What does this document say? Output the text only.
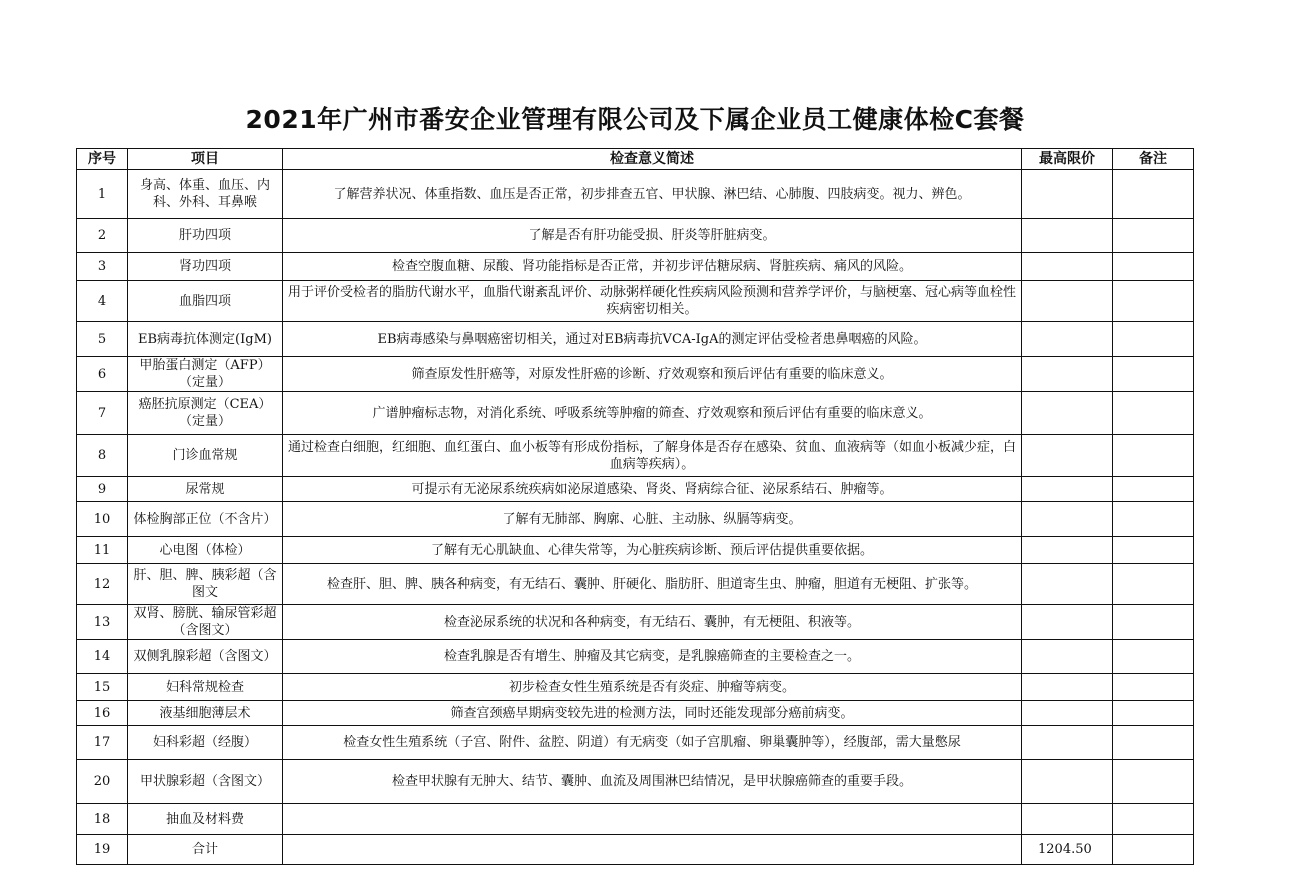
2021年广州市番安企业管理有限公司及下属企业员工健康体检C套餐
序号	项目	检查意义简述	最高限价	备注
1	身高、体重、血压、内科、外科、耳鼻喉	了解营养状况、体重指数、血压是否正常，初步排查五官、甲状腺、淋巴结、心肺腹、四肢病变。视力、辨色。		
2	肝功四项	了解是否有肝功能受损、肝炎等肝脏病变。		
3	肾功四项	检查空腹血糖、尿酸、肾功能指标是否正常，并初步评估糖尿病、肾脏疾病、痛风的风险。		
4	血脂四项	用于评价受检者的脂肪代谢水平，血脂代谢紊乱评价、动脉粥样硬化性疾病风险预测和营养学评价，与脑梗塞、冠心病等血栓性疾病密切相关。		
5	EB病毒抗体测定(IgM)	EB病毒感染与鼻咽癌密切相关，通过对EB病毒抗VCA-IgA的测定评估受检者患鼻咽癌的风险。		
6	甲胎蛋白测定（AFP）（定量）	筛查原发性肝癌等，对原发性肝癌的诊断、疗效观察和预后评估有重要的临床意义。		
7	癌胚抗原测定（CEA）（定量）	广谱肿瘤标志物，对消化系统、呼吸系统等肿瘤的筛查、疗效观察和预后评估有重要的临床意义。		
8	门诊血常规	通过检查白细胞，红细胞、血红蛋白、血小板等有形成份指标，了解身体是否存在感染、贫血、血液病等（如血小板减少症，白血病等疾病）。		
9	尿常规	可提示有无泌尿系统疾病如泌尿道感染、肾炎、肾病综合征、泌尿系结石、肿瘤等。		
10	体检胸部正位（不含片）	了解有无肺部、胸廓、心脏、主动脉、纵膈等病变。		
11	心电图（体检）	了解有无心肌缺血、心律失常等，为心脏疾病诊断、预后评估提供重要依据。		
12	肝、胆、脾、胰彩超（含图文	检查肝、胆、脾、胰各种病变，有无结石、囊肿、肝硬化、脂肪肝、胆道寄生虫、肿瘤，胆道有无梗阻、扩张等。		
13	双肾、膀胱、输尿管彩超（含图文）	检查泌尿系统的状况和各种病变，有无结石、囊肿，有无梗阻、积液等。		
14	双侧乳腺彩超（含图文）	检查乳腺是否有增生、肿瘤及其它病变，是乳腺癌筛查的主要检查之一。		
15	妇科常规检查	初步检查女性生殖系统是否有炎症、肿瘤等病变。		
16	液基细胞薄层术	筛查宫颈癌早期病变较先进的检测方法，同时还能发现部分癌前病变。		
17	妇科彩超（经腹）	检查女性生殖系统（子宫、附件、盆腔、阴道）有无病变（如子宫肌瘤、卵巢囊肿等），经腹部，需大量憋尿		
20	甲状腺彩超（含图文）	检查甲状腺有无肿大、结节、囊肿、血流及周围淋巴结情况，是甲状腺癌筛查的重要手段。		
18	抽血及材料费			
19	合计		1204.50	
